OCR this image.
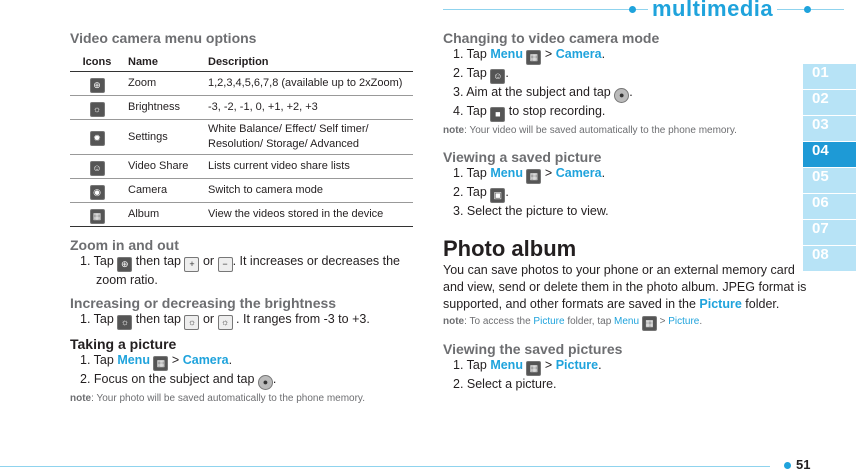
multimedia
01
02
03
04
05
06
07
08
51
Video camera menu options
Icons	Name	Description
⊕	Zoom	1,2,3,4,5,6,7,8 (available up to 2xZoom)
☼	Brightness	-3, -2, -1, 0, +1, +2, +3
✹	Settings	White Balance/ Effect/ Self timer/ Resolution/ Storage/ Advanced
☺	Video Share	Lists current video share lists
◉	Camera	Switch to camera mode
▦	Album	View the videos stored in the device
Zoom in and out
1. Tap ⊕ then tap + or − . It increases or decreases the
zoom ratio.
Increasing or decreasing the brightness
1. Tap ☼ then tap ☼ or ☼ . It ranges from -3 to +3.
Taking a picture
1. Tap Menu ▦ > Camera.
2. Focus on the subject and tap ● .
note: Your photo will be saved automatically to the phone memory.
Changing to video camera mode
1. Tap Menu ▦ > Camera.
2. Tap ☺ .
3. Aim at the subject and tap ● .
4. Tap ■ to stop recording.
note: Your video will be saved automatically to the phone memory.
Viewing a saved picture
1. Tap Menu ▦ > Camera.
2. Tap ▣ .
3. Select the picture to view.
Photo album
You can save photos to your phone or an external memory card
and view, send or delete them in the photo album. JPEG format is
supported, and other formats are saved in the Picture folder.
note: To access the Picture folder, tap Menu ▦ > Picture.
Viewing the saved pictures
1. Tap Menu ▦ > Picture.
2. Select a picture.
